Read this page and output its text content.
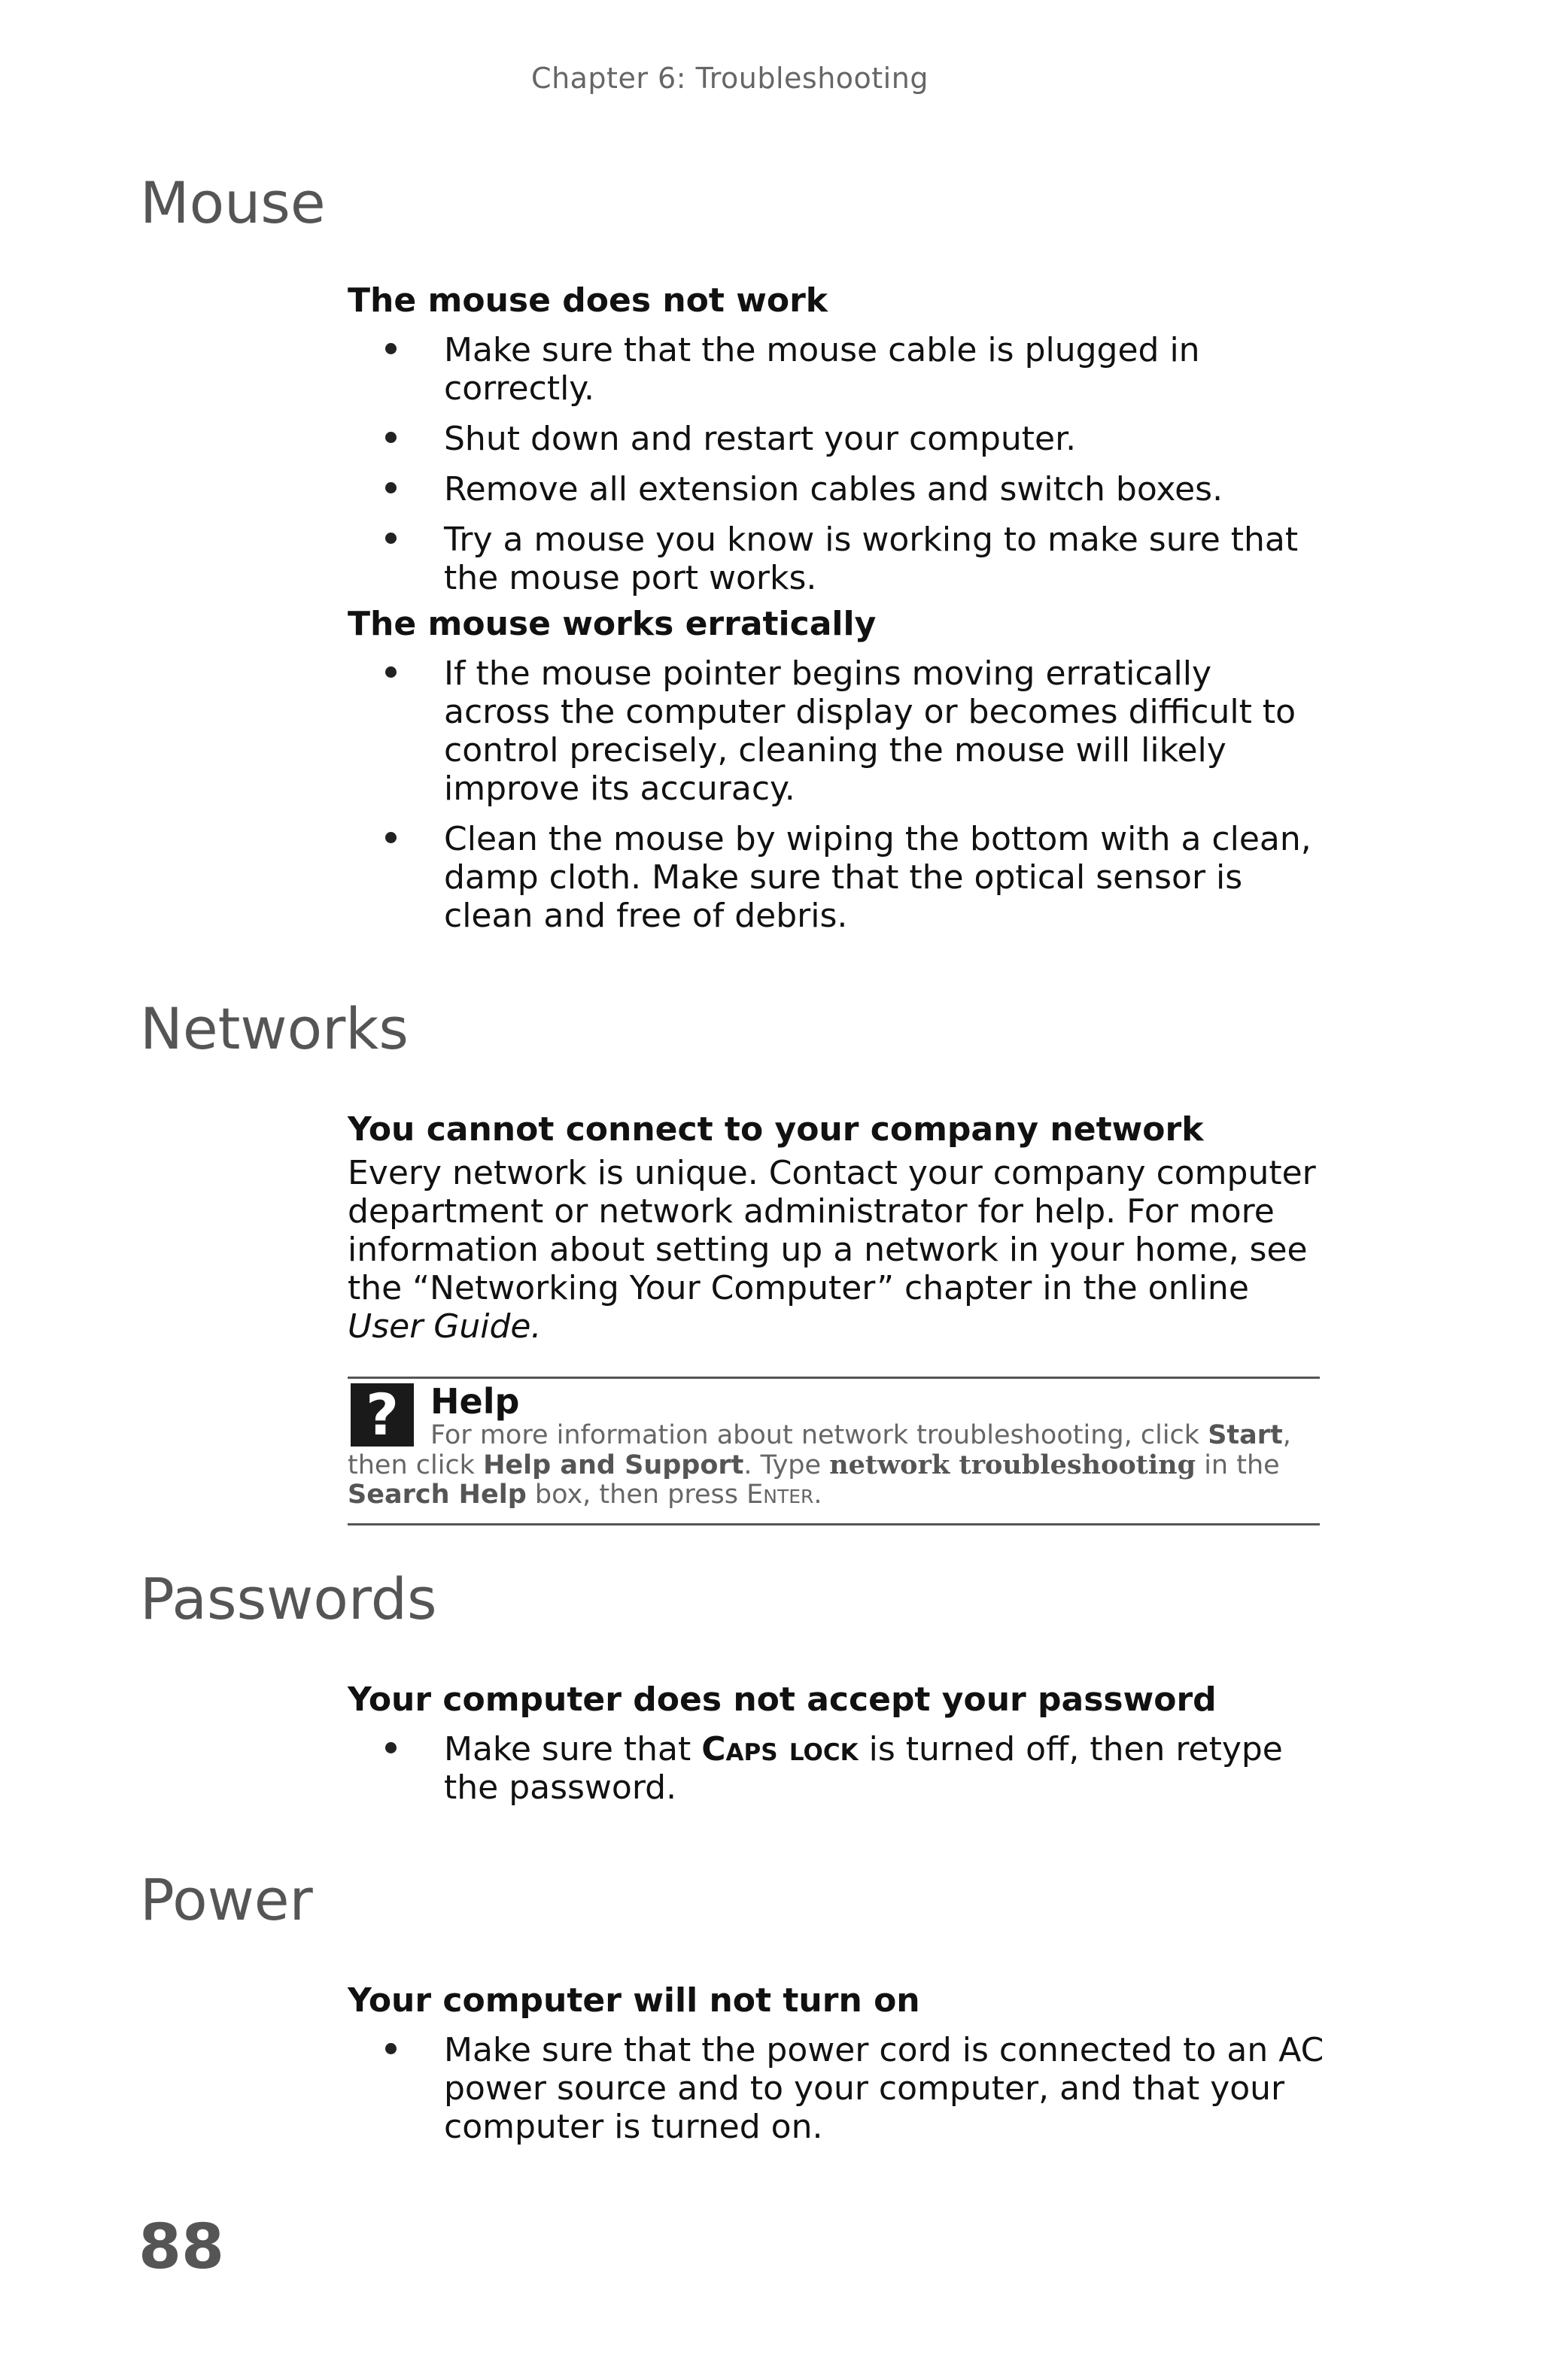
Chapter 6: Troubleshooting
Mouse
The mouse does not work
Make sure that the mouse cable is plugged in correctly.
Shut down and restart your computer.
Remove all extension cables and switch boxes.
Try a mouse you know is working to make sure that the mouse port works.
The mouse works erratically
If the mouse pointer begins moving erratically across the computer display or becomes difficult to control precisely, cleaning the mouse will likely improve its accuracy.
Clean the mouse by wiping the bottom with a clean, damp cloth. Make sure that the optical sensor is clean and free of debris.
Networks
You cannot connect to your company network

Every network is unique. Contact your company computer department or network administrator for help. For more information about setting up a network in your home, see the “Networking Your Computer” chapter in the online User Guide.

? Help
For more information about network troubleshooting, click Start, then click Help and Support. Type network troubleshooting in the Search Help box, then press Enter.
Passwords
Your computer does not accept your password
Make sure that Caps lock is turned off, then retype the password.
Power
Your computer will not turn on
Make sure that the power cord is connected to an AC power source and to your computer, and that your computer is turned on.
88
